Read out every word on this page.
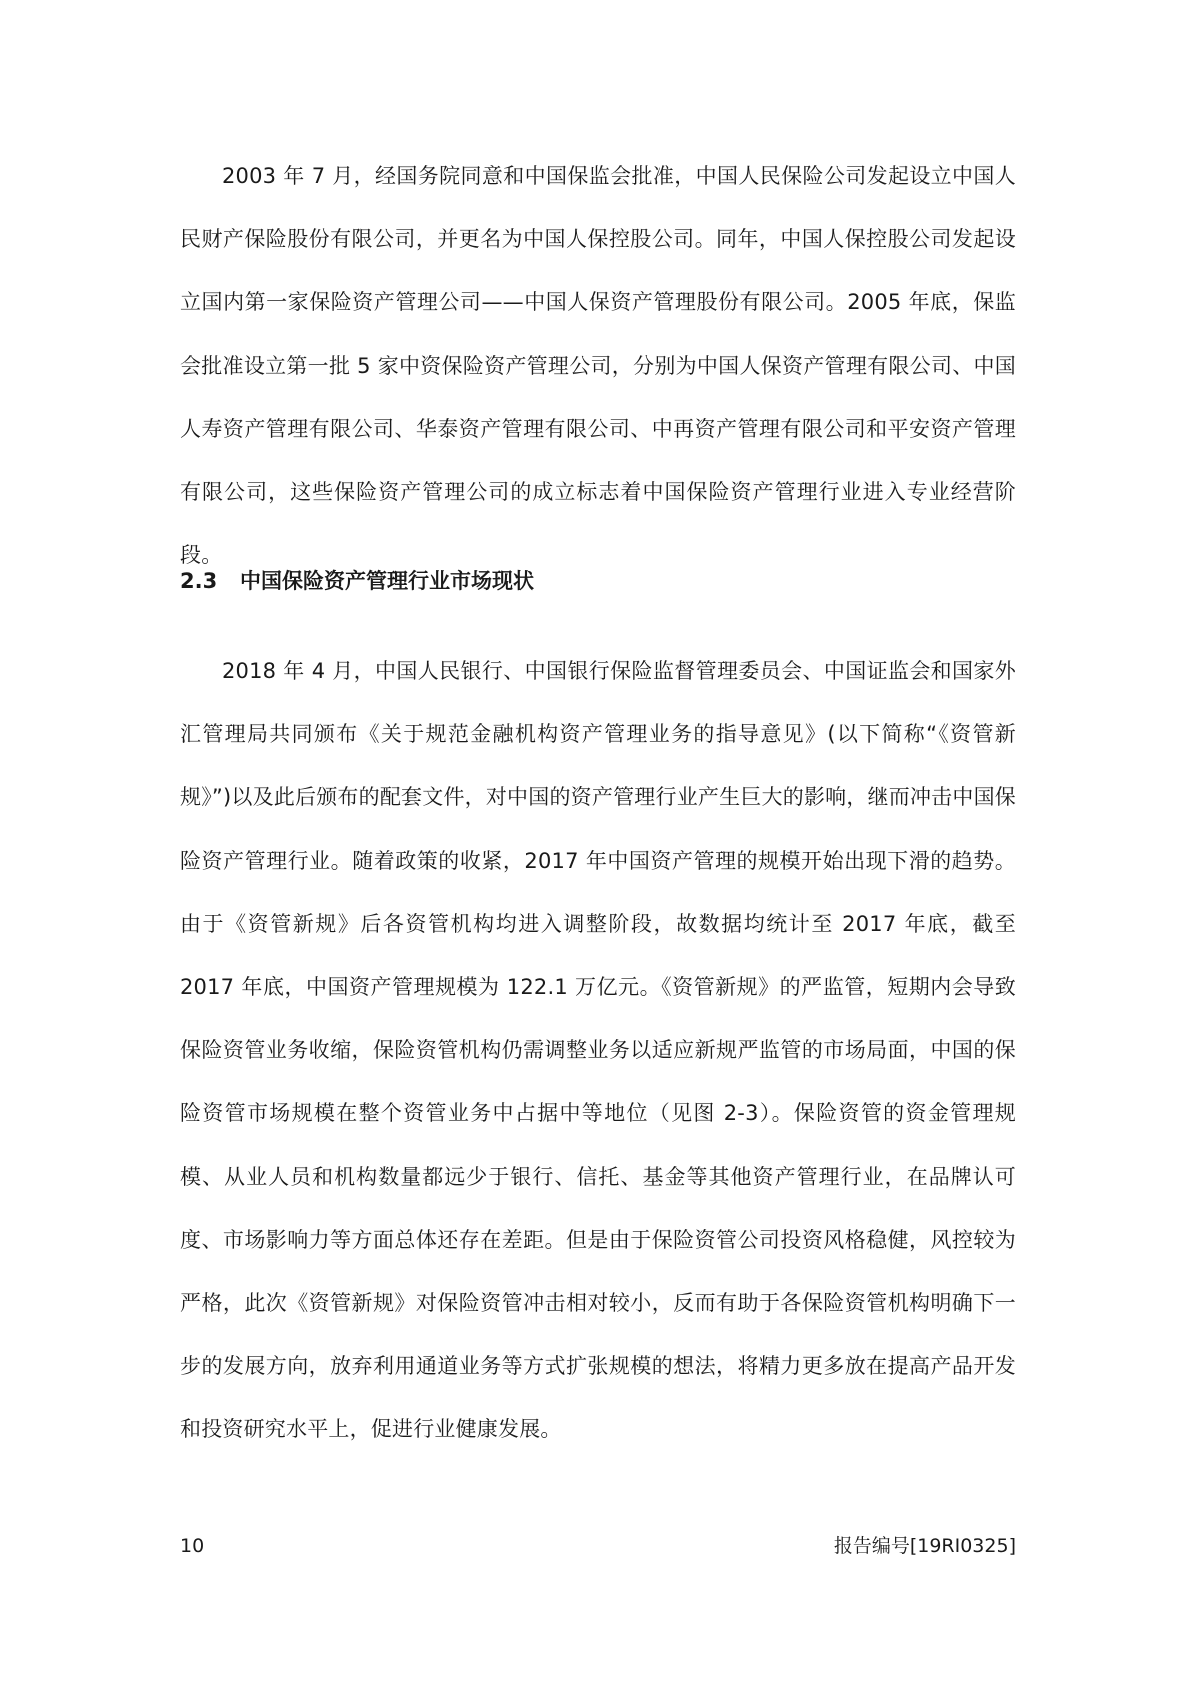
2003 年 7 月，经国务院同意和中国保监会批准，中国人民保险公司发起设立中国人民财产保险股份有限公司，并更名为中国人保控股公司。同年，中国人保控股公司发起设立国内第一家保险资产管理公司——中国人保资产管理股份有限公司。2005 年底，保监会批准设立第一批 5 家中资保险资产管理公司，分别为中国人保资产管理有限公司、中国人寿资产管理有限公司、华泰资产管理有限公司、中再资产管理有限公司和平安资产管理有限公司，这些保险资产管理公司的成立标志着中国保险资产管理行业进入专业经营阶段。

2.3 中国保险资产管理行业市场现状

2018 年 4 月，中国人民银行、中国银行保险监督管理委员会、中国证监会和国家外汇管理局共同颁布《关于规范金融机构资产管理业务的指导意见》(以下简称“《资管新规》”)以及此后颁布的配套文件，对中国的资产管理行业产生巨大的影响，继而冲击中国保险资产管理行业。随着政策的收紧，2017 年中国资产管理的规模开始出现下滑的趋势。由于《资管新规》后各资管机构均进入调整阶段，故数据均统计至 2017 年底，截至 2017 年底，中国资产管理规模为 122.1 万亿元。《资管新规》的严监管，短期内会导致保险资管业务收缩，保险资管机构仍需调整业务以适应新规严监管的市场局面，中国的保险资管市场规模在整个资管业务中占据中等地位（见图 2-3）。保险资管的资金管理规模、从业人员和机构数量都远少于银行、信托、基金等其他资产管理行业，在品牌认可度、市场影响力等方面总体还存在差距。但是由于保险资管公司投资风格稳健，风控较为严格，此次《资管新规》对保险资管冲击相对较小，反而有助于各保险资管机构明确下一步的发展方向，放弃利用通道业务等方式扩张规模的想法，将精力更多放在提高产品开发和投资研究水平上，促进行业健康发展。

10	报告编号[19RI0325]
